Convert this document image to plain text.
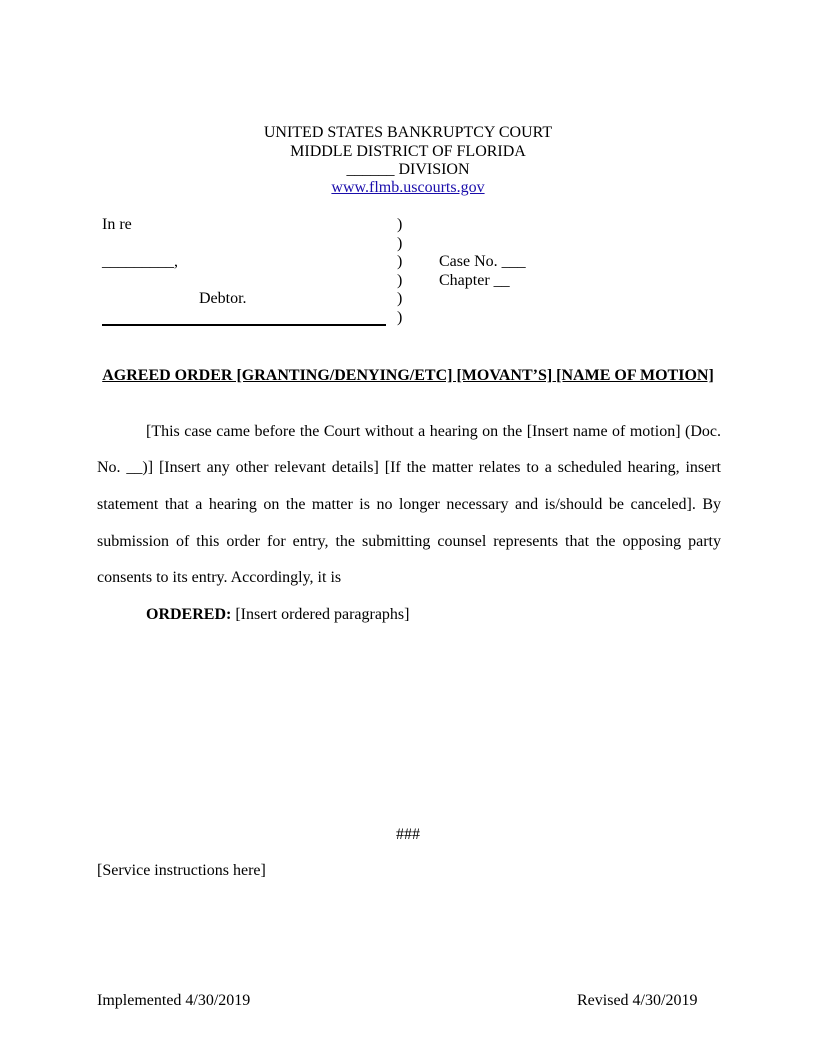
UNITED STATES BANKRUPTCY COURT
MIDDLE DISTRICT OF FLORIDA
______ DIVISION
www.flmb.uscourts.gov
In re
_________,
Debtor.
)
)
)
)
)
)
Case No. ___
Chapter __
AGREED ORDER [GRANTING/DENYING/ETC] [MOVANT’S] [NAME OF MOTION]
[This case came before the Court without a hearing on the [Insert name of motion] (Doc.
No. __)] [Insert any other relevant details] [If the matter relates to a scheduled hearing, insert
statement that a hearing on the matter is no longer necessary and is/should be canceled]. By
submission of this order for entry, the submitting counsel represents that the opposing party
consents to its entry. Accordingly, it is
ORDERED: [Insert ordered paragraphs]
###
[Service instructions here]
Implemented 4/30/2019	Revised 4/30/2019
